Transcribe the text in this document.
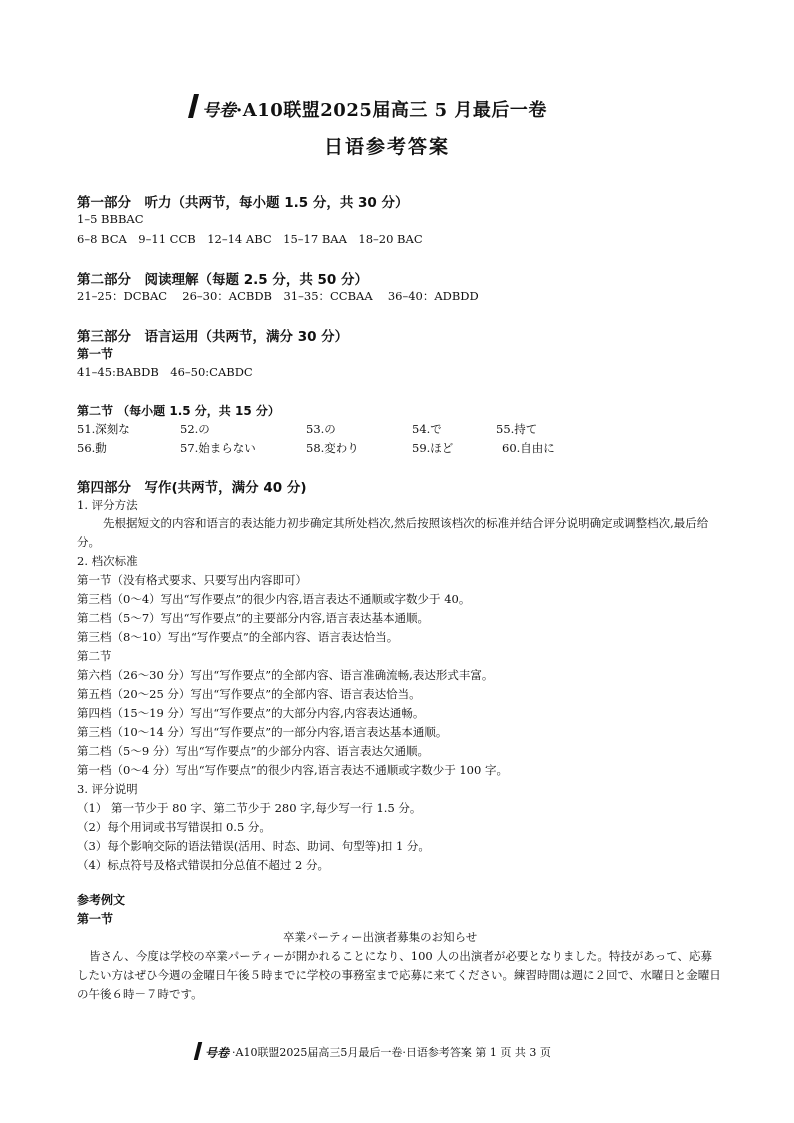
号卷 ·A10联盟2025届高三 5 月最后一卷
日语参考答案
第一部分　听力（共两节，每小题 1.5 分，共 30 分）
1–5 BBBAC
6–8 BCA　9–11 CCB　12–14 ABC　15–17 BAA　18–20 BAC
第二部分　阅读理解（每题 2.5 分，共 50 分）
21–25：DCBAC　 26–30：ACBDB　31–35：CCBAA　 36–40：ADBDD
第三部分　语言运用（共两节，满分 30 分）
第一节
41–45:BABDB　46–50:CABDC
第二节 （每小题 1.5 分，共 15 分）
51.深刻な	52.の	53.の	54.で	55.持て
56.動	57.始まらない	58.変わり	59.ほど	60.自由に
第四部分　写作(共两节，满分 40 分)
1. 评分方法
先根据短文的内容和语言的表达能力初步确定其所处档次,然后按照该档次的标准并结合评分说明确定或调整档次,最后给分。
2. 档次标准
第一节（没有格式要求、只要写出内容即可）
第三档（0～4）写出“写作要点”的很少内容,语言表达不通顺或字数少于 40。
第二档（5～7）写出“写作要点”的主要部分内容,语言表达基本通顺。
第三档（8～10）写出“写作要点”的全部内容、语言表达恰当。
第二节
第六档（26～30 分）写出“写作要点”的全部内容、语言准确流畅,表达形式丰富。
第五档（20～25 分）写出“写作要点”的全部内容、语言表达恰当。
第四档（15～19 分）写出“写作要点”的大部分内容,内容表达通畅。
第三档（10～14 分）写出“写作要点”的一部分内容,语言表达基本通顺。
第二档（5～9 分）写出“写作要点”的少部分内容、语言表达欠通顺。
第一档（0～4 分）写出“写作要点”的很少内容,语言表达不通顺或字数少于 100 字。
3. 评分说明
（1） 第一节少于 80 字、第二节少于 280 字,每少写一行 1.5 分。
（2）每个用词或书写错误扣 0.5 分。
（3）每个影响交际的语法错误(活用、时态、助词、句型等)扣 1 分。
（4）标点符号及格式错误扣分总值不超过 2 分。
参考例文
第一节
卒業パーティー出演者募集のお知らせ
皆さん、今度は学校の卒業パーティーが開かれることになり、100 人の出演者が必要となりました。特技があって、応募したい方はぜひ今週の金曜日午後５時までに学校の事務室まで応募に来てください。練習時間は週に２回で、水曜日と金曜日の午後６時－７時です。
号卷 ·A10联盟2025届高三5月最后一卷·日语参考答案 第 1 页 共 3 页
